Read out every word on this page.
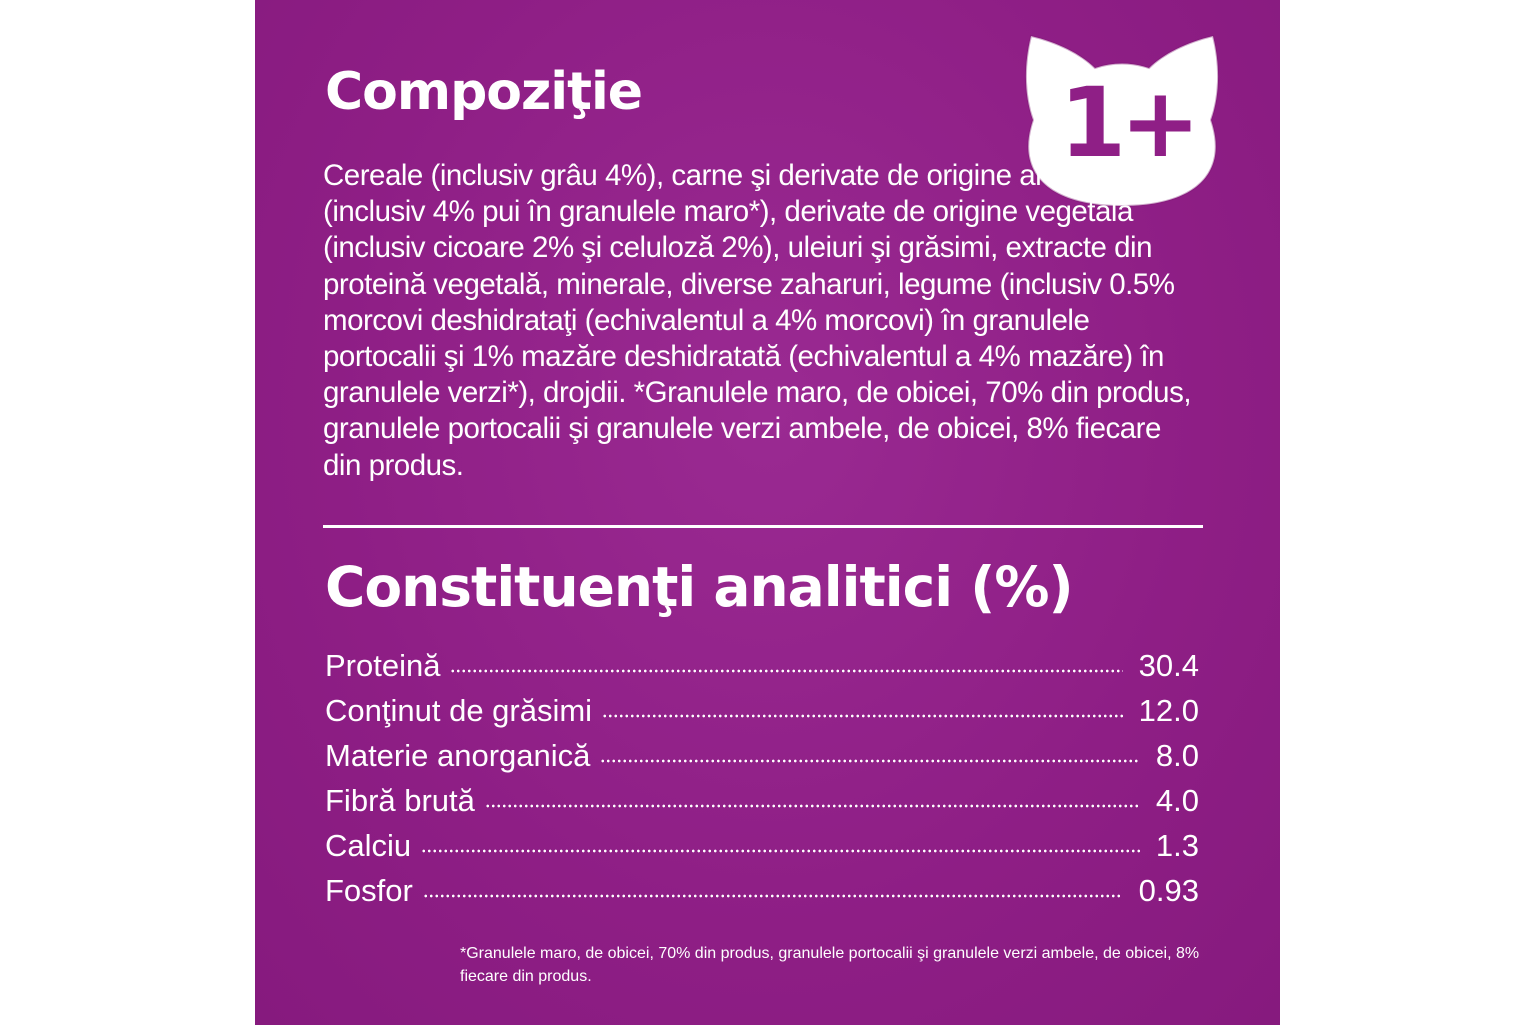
Compoziţie	1+

Cereale (inclusiv grâu 4%), carne şi derivate de origine animală (inclusiv 4% pui în granulele maro*), derivate de origine vegetală (inclusiv cicoare 2% şi celuloză 2%), uleiuri şi grăsimi, extracte din proteină vegetală, minerale, diverse zaharuri, legume (inclusiv 0.5% morcovi deshidrataţi (echivalentul a 4% morcovi) în granulele portocalii şi 1% mazăre deshidratată (echivalentul a 4% mazăre) în granulele verzi*), drojdii. *Granulele maro, de obicei, 70% din produs, granulele portocalii şi granulele verzi ambele, de obicei, 8% fiecare din produs.

Constituenţi analitici (%)
Proteină	30.4
Conţinut de grăsimi	12.0
Materie anorganică	8.0
Fibră brută	4.0
Calciu	1.3
Fosfor	0.93

*Granulele maro, de obicei, 70% din produs, granulele portocalii şi granulele verzi ambele, de obicei, 8% fiecare din produs.
